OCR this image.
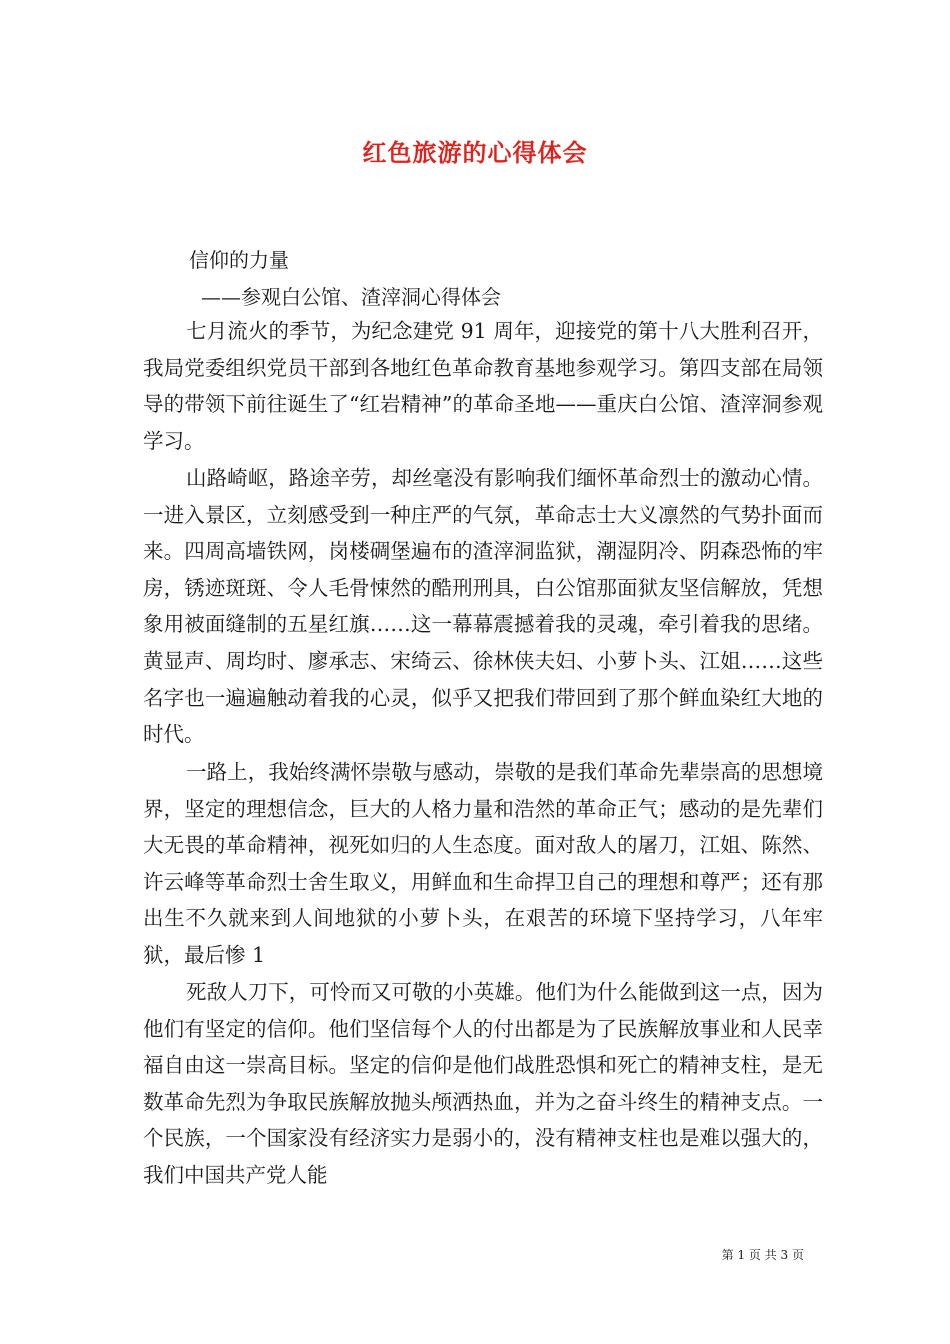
红色旅游的心得体会
信仰的力量
——参观白公馆、渣滓洞心得体会

七月流火的季节，为纪念建党 91 周年，迎接党的第十八大胜利召开，我局党委组织党员干部到各地红色革命教育基地参观学习。第四支部在局领导的带领下前往诞生了“红岩精神”的革命圣地——重庆白公馆、渣滓洞参观学习。

山路崎岖，路途辛劳，却丝毫没有影响我们缅怀革命烈士的激动心情。一进入景区，立刻感受到一种庄严的气氛，革命志士大义凛然的气势扑面而来。四周高墙铁网，岗楼碉堡遍布的渣滓洞监狱，潮湿阴冷、阴森恐怖的牢房，锈迹斑斑、令人毛骨悚然的酷刑刑具，白公馆那面狱友坚信解放，凭想象用被面缝制的五星红旗……这一幕幕震撼着我的灵魂，牵引着我的思绪。黄显声、周均时、廖承志、宋绮云、徐林侠夫妇、小萝卜头、江姐……这些名字也一遍遍触动着我的心灵，似乎又把我们带回到了那个鲜血染红大地的时代。

一路上，我始终满怀崇敬与感动，崇敬的是我们革命先辈崇高的思想境界，坚定的理想信念，巨大的人格力量和浩然的革命正气；感动的是先辈们大无畏的革命精神，视死如归的人生态度。面对敌人的屠刀，江姐、陈然、许云峰等革命烈士舍生取义，用鲜血和生命捍卫自己的理想和尊严；还有那出生不久就来到人间地狱的小萝卜头，在艰苦的环境下坚持学习，八年牢狱，最后惨 1

死敌人刀下，可怜而又可敬的小英雄。他们为什么能做到这一点，因为他们有坚定的信仰。他们坚信每个人的付出都是为了民族解放事业和人民幸福自由这一崇高目标。坚定的信仰是他们战胜恐惧和死亡的精神支柱，是无数革命先烈为争取民族解放抛头颅洒热血，并为之奋斗终生的精神支点。一个民族，一个国家没有经济实力是弱小的，没有精神支柱也是难以强大的，我们中国共产党人能

第 1 页 共 3 页
